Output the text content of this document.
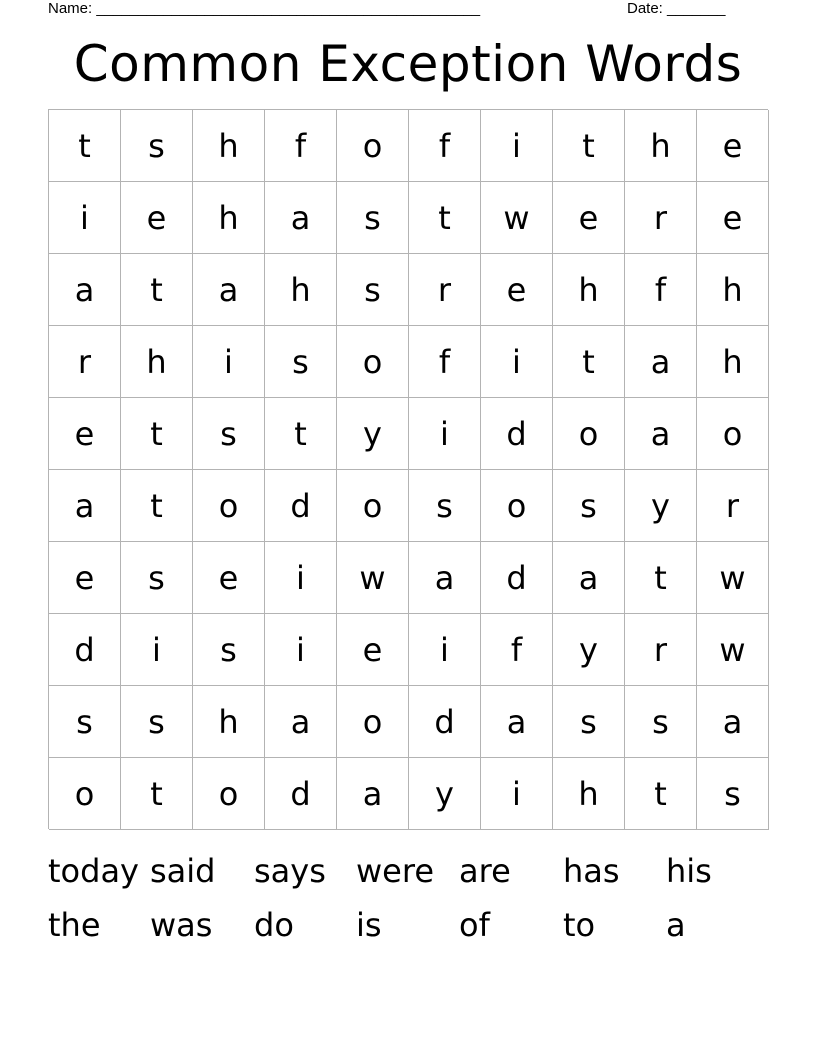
Name: ______________________________________________	Date: _______
Common Exception Words
t	s	h	f	o	f	i	t	h	e
i	e	h	a	s	t	w	e	r	e
a	t	a	h	s	r	e	h	f	h
r	h	i	s	o	f	i	t	a	h
e	t	s	t	y	i	d	o	a	o
a	t	o	d	o	s	o	s	y	r
e	s	e	i	w	a	d	a	t	w
d	i	s	i	e	i	f	y	r	w
s	s	h	a	o	d	a	s	s	a
o	t	o	d	a	y	i	h	t	s
today said says were are has his
the was do is of to a
